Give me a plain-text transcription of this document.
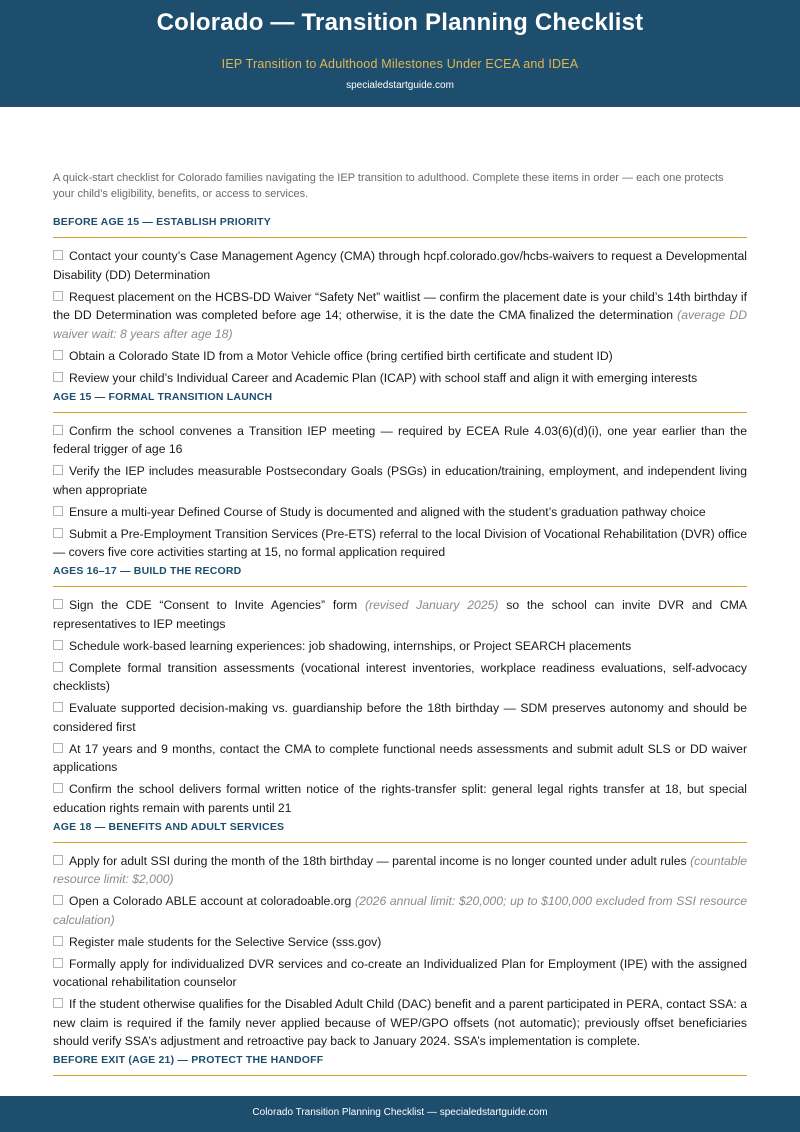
Colorado — Transition Planning Checklist
IEP Transition to Adulthood Milestones Under ECEA and IDEA
specialedstartguide.com

A quick-start checklist for Colorado families navigating the IEP transition to adulthood. Complete these items in order — each one protects your child’s eligibility, benefits, or access to services.

BEFORE AGE 15 — ESTABLISH PRIORITY
Contact your county’s Case Management Agency (CMA) through hcpf.colorado.gov/hcbs-waivers to request a Developmental Disability (DD) Determination
Request placement on the HCBS-DD Waiver “Safety Net” waitlist — confirm the placement date is your child’s 14th birthday if the DD Determination was completed before age 14; otherwise, it is the date the CMA finalized the determination (average DD waiver wait: 8 years after age 18)
Obtain a Colorado State ID from a Motor Vehicle office (bring certified birth certificate and student ID)
Review your child’s Individual Career and Academic Plan (ICAP) with school staff and align it with emerging interests
AGE 15 — FORMAL TRANSITION LAUNCH
Confirm the school convenes a Transition IEP meeting — required by ECEA Rule 4.03(6)(d)(i), one year earlier than the federal trigger of age 16
Verify the IEP includes measurable Postsecondary Goals (PSGs) in education/training, employment, and independent living when appropriate
Ensure a multi-year Defined Course of Study is documented and aligned with the student’s graduation pathway choice
Submit a Pre-Employment Transition Services (Pre-ETS) referral to the local Division of Vocational Rehabilitation (DVR) office — covers five core activities starting at 15, no formal application required
AGES 16–17 — BUILD THE RECORD
Sign the CDE “Consent to Invite Agencies” form (revised January 2025) so the school can invite DVR and CMA representatives to IEP meetings
Schedule work-based learning experiences: job shadowing, internships, or Project SEARCH placements
Complete formal transition assessments (vocational interest inventories, workplace readiness evaluations, self-advocacy checklists)
Evaluate supported decision-making vs. guardianship before the 18th birthday — SDM preserves autonomy and should be considered first
At 17 years and 9 months, contact the CMA to complete functional needs assessments and submit adult SLS or DD waiver applications
Confirm the school delivers formal written notice of the rights-transfer split: general legal rights transfer at 18, but special education rights remain with parents until 21
AGE 18 — BENEFITS AND ADULT SERVICES
Apply for adult SSI during the month of the 18th birthday — parental income is no longer counted under adult rules (countable resource limit: $2,000)
Open a Colorado ABLE account at coloradoable.org (2026 annual limit: $20,000; up to $100,000 excluded from SSI resource calculation)
Register male students for the Selective Service (sss.gov)
Formally apply for individualized DVR services and co-create an Individualized Plan for Employment (IPE) with the assigned vocational rehabilitation counselor
If the student otherwise qualifies for the Disabled Adult Child (DAC) benefit and a parent participated in PERA, contact SSA: a new claim is required if the family never applied because of WEP/GPO offsets (not automatic); previously offset beneficiaries should verify SSA’s adjustment and retroactive pay back to January 2024. SSA’s implementation is complete.
BEFORE EXIT (AGE 21) — PROTECT THE HANDOFF
Colorado Transition Planning Checklist — specialedstartguide.com
